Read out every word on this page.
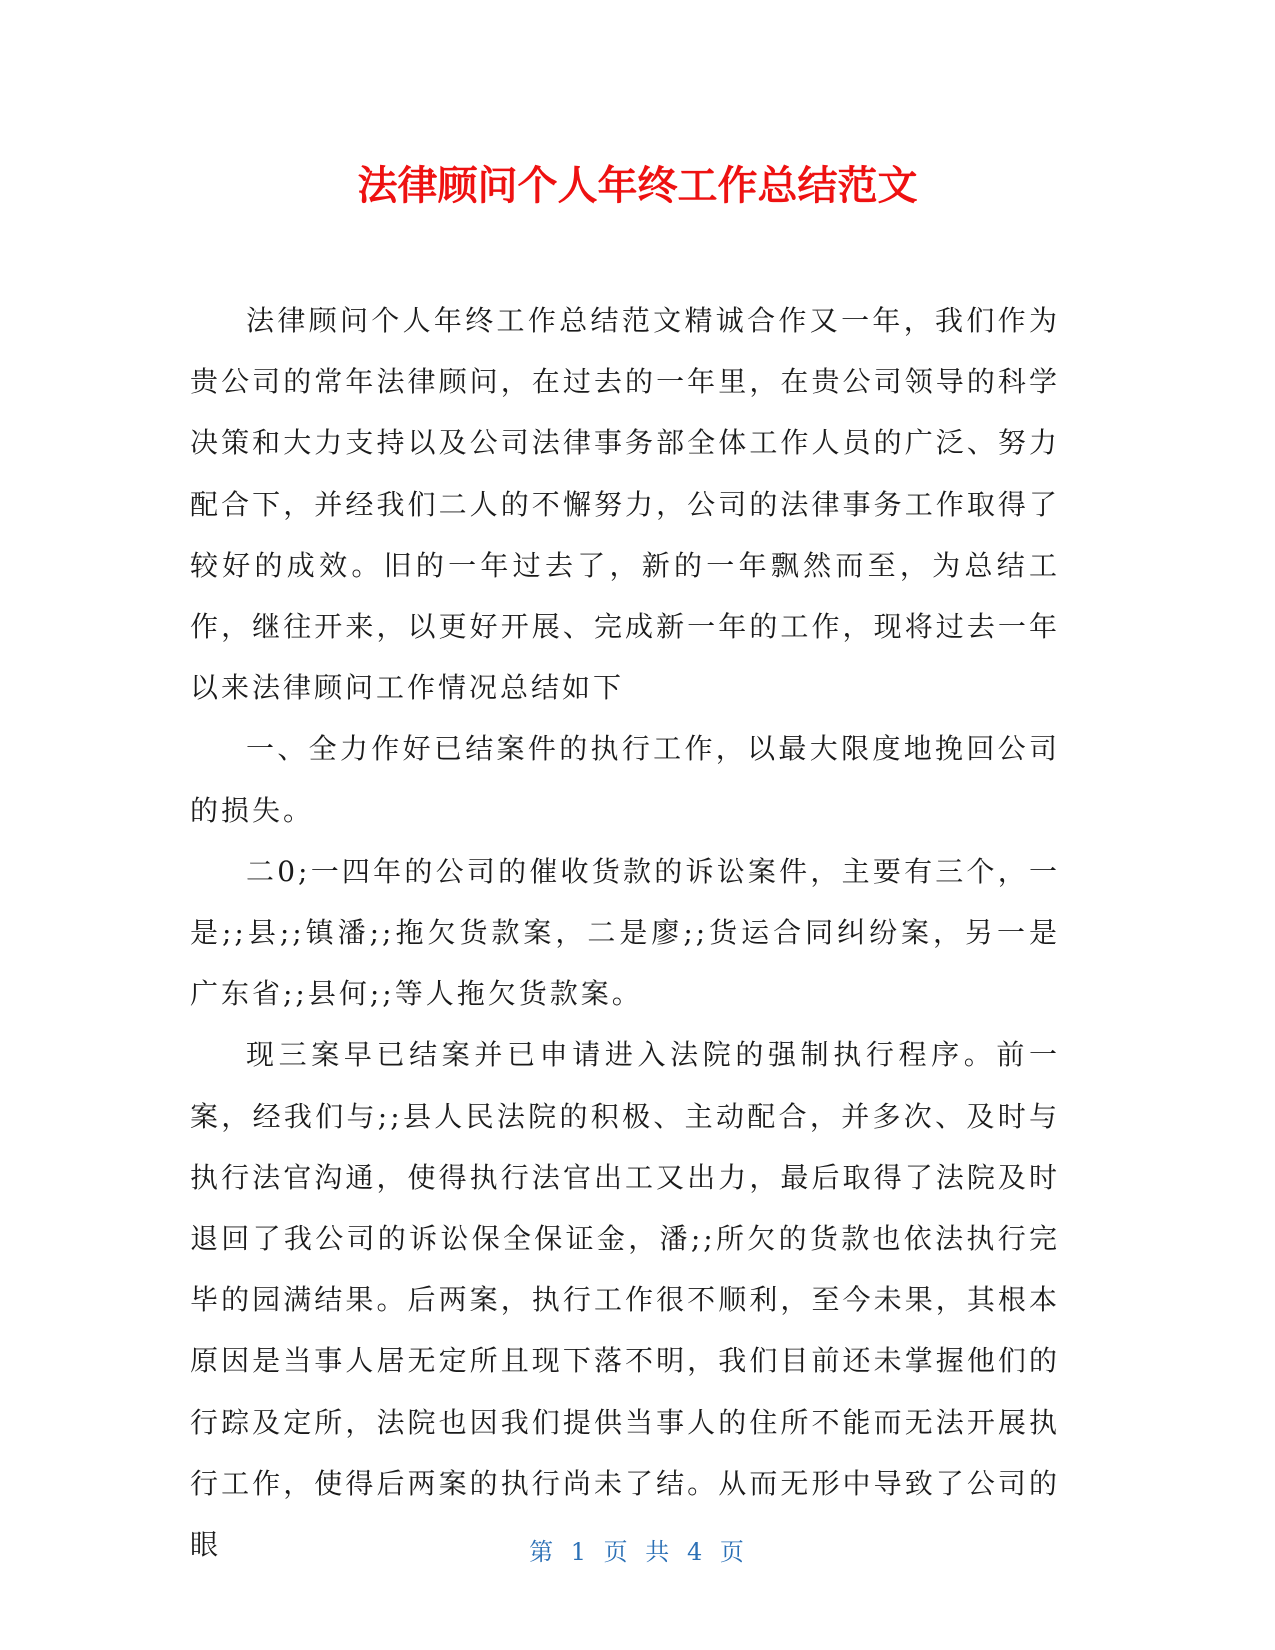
法律顾问个人年终工作总结范文

法律顾问个人年终工作总结范文精诚合作又一年，我们作为贵公司的常年法律顾问，在过去的一年里，在贵公司领导的科学决策和大力支持以及公司法律事务部全体工作人员的广泛、努力配合下，并经我们二人的不懈努力，公司的法律事务工作取得了较好的成效。旧的一年过去了，新的一年飘然而至，为总结工作，继往开来，以更好开展、完成新一年的工作，现将过去一年以来法律顾问工作情况总结如下

一、全力作好已结案件的执行工作，以最大限度地挽回公司的损失。

二0;一四年的公司的催收货款的诉讼案件，主要有三个，一是;;县;;镇潘;;拖欠货款案，二是廖;;货运合同纠纷案，另一是广东省;;县何;;等人拖欠货款案。

现三案早已结案并已申请进入法院的强制执行程序。前一案，经我们与;;县人民法院的积极、主动配合，并多次、及时与执行法官沟通，使得执行法官出工又出力，最后取得了法院及时退回了我公司的诉讼保全保证金，潘;;所欠的货款也依法执行完毕的园满结果。后两案，执行工作很不顺利，至今未果，其根本原因是当事人居无定所且现下落不明，我们目前还未掌握他们的行踪及定所，法院也因我们提供当事人的住所不能而无法开展执行工作，使得后两案的执行尚未了结。从而无形中导致了公司的眼	第 1 页 共 4 页
